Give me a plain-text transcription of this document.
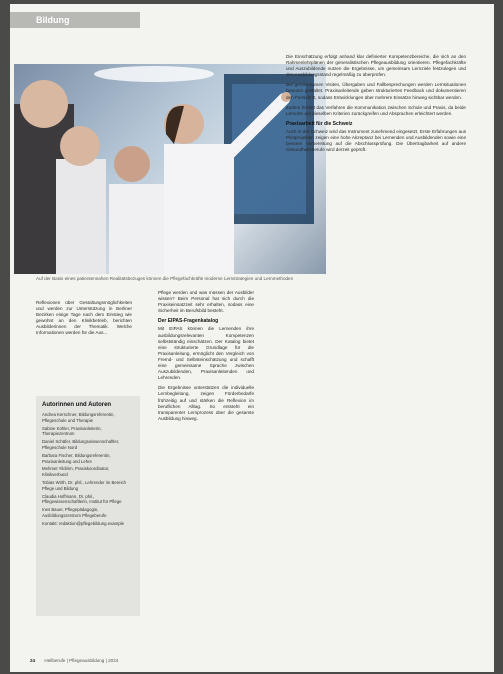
Bildung
Auf der Basis eines patientennahen Realitätsbezuges können die Pflegefachkräfte moderne Lernstrategien und Lernmethoden

Reflexionen über Gestaltungsmöglichkeiten und werden zur Unterstützung in Berliner Bezirken einige Tage nach dem Einstieg wie gewohnt an den Klinikbetrieb, berichten Ausbilderinnen der Thematik. Welche Informationen werden für die Aus...

Autorinnen und Autoren
Andrea Kerschner, Bildungsreferentin, Pflegeschule und Therapie
Sabine Köhler, Praxisanleiterin, Therapiezentrum
Daniel Schäfer, Bildungswissenschaftler, Pflegeschule Nord
Barbara Fischer, Bildungsreferentin, Praxisanleitung und Lehre
Mehmet Yildirim, Praxiskoordinator, Klinikverbund
Tobias Wirth, Dr. phil., Lehrender im Bereich Pflege und Bildung
Claudia Hoffmann, Dr. phil., Pflegewissenschaftlerin, Institut für Pflege
Ines Bauer, Pflegepädagogin, Ausbildungszentrum Pflegeberufe
Kontakt: redaktion@pflegebildung.example

Pflege werden und was müssen der Ausbilder wissen? Beim Personal hat sich durch die Praxiseinsatzzeit sehr erhalten, sodass eine Sicherheit im Berufsbild besteht.

Der EIPAS-Fragenkatalog

Mit EIPAS können die Lernenden ihre ausbildungsrelevanten Kompetenzen selbstständig einschätzen. Der Katalog bietet eine strukturierte Grundlage für die Praxisanleitung, ermöglicht den Vergleich von Fremd- und Selbsteinschätzung und schafft eine gemeinsame Sprache zwischen Auszubildenden, Praxisanleitenden und Lehrenden.

Die Ergebnisse unterstützen die individuelle Lernbegleitung, zeigen Förderbedarfe frühzeitig auf und stärken die Reflexion im beruflichen Alltag. So entsteht ein transparenter Lernprozess über die gesamte Ausbildung hinweg.

Die Einschätzung erfolgt anhand klar definierter Kompetenzbereiche, die sich an den Rahmenlehrplänen der generalistischen Pflegeausbildung orientieren. Pflegefachkräfte und Auszubildende nutzen die Ergebnisse, um gemeinsam Lernziele festzulegen und den Ausbildungsstand regelmäßig zu überprüfen.

Bei gemeinsamen Visiten, Übergaben und Fallbesprechungen werden Lernsituationen bewusst gestaltet. Praxisanleitende geben strukturiertes Feedback und dokumentieren den Fortschritt, sodass Entwicklungen über mehrere Einsätze hinweg sichtbar werden.

Zudem fördert das Verfahren die Kommunikation zwischen Schule und Praxis, da beide Lernorte auf dieselben Kriterien zurückgreifen und Absprachen erleichtert werden.

Praxisarbeit für die Schweiz

Auch in der Schweiz wird das Instrument zunehmend eingesetzt. Erste Erfahrungen aus Pilotprojekten zeigen eine hohe Akzeptanz bei Lernenden und Ausbildenden sowie eine bessere Vorbereitung auf die Abschlussprüfung. Die Übertragbarkeit auf andere Gesundheitsberufe wird derzeit geprüft.

24 Heilberufe | Pflegeausbildung | 2024
